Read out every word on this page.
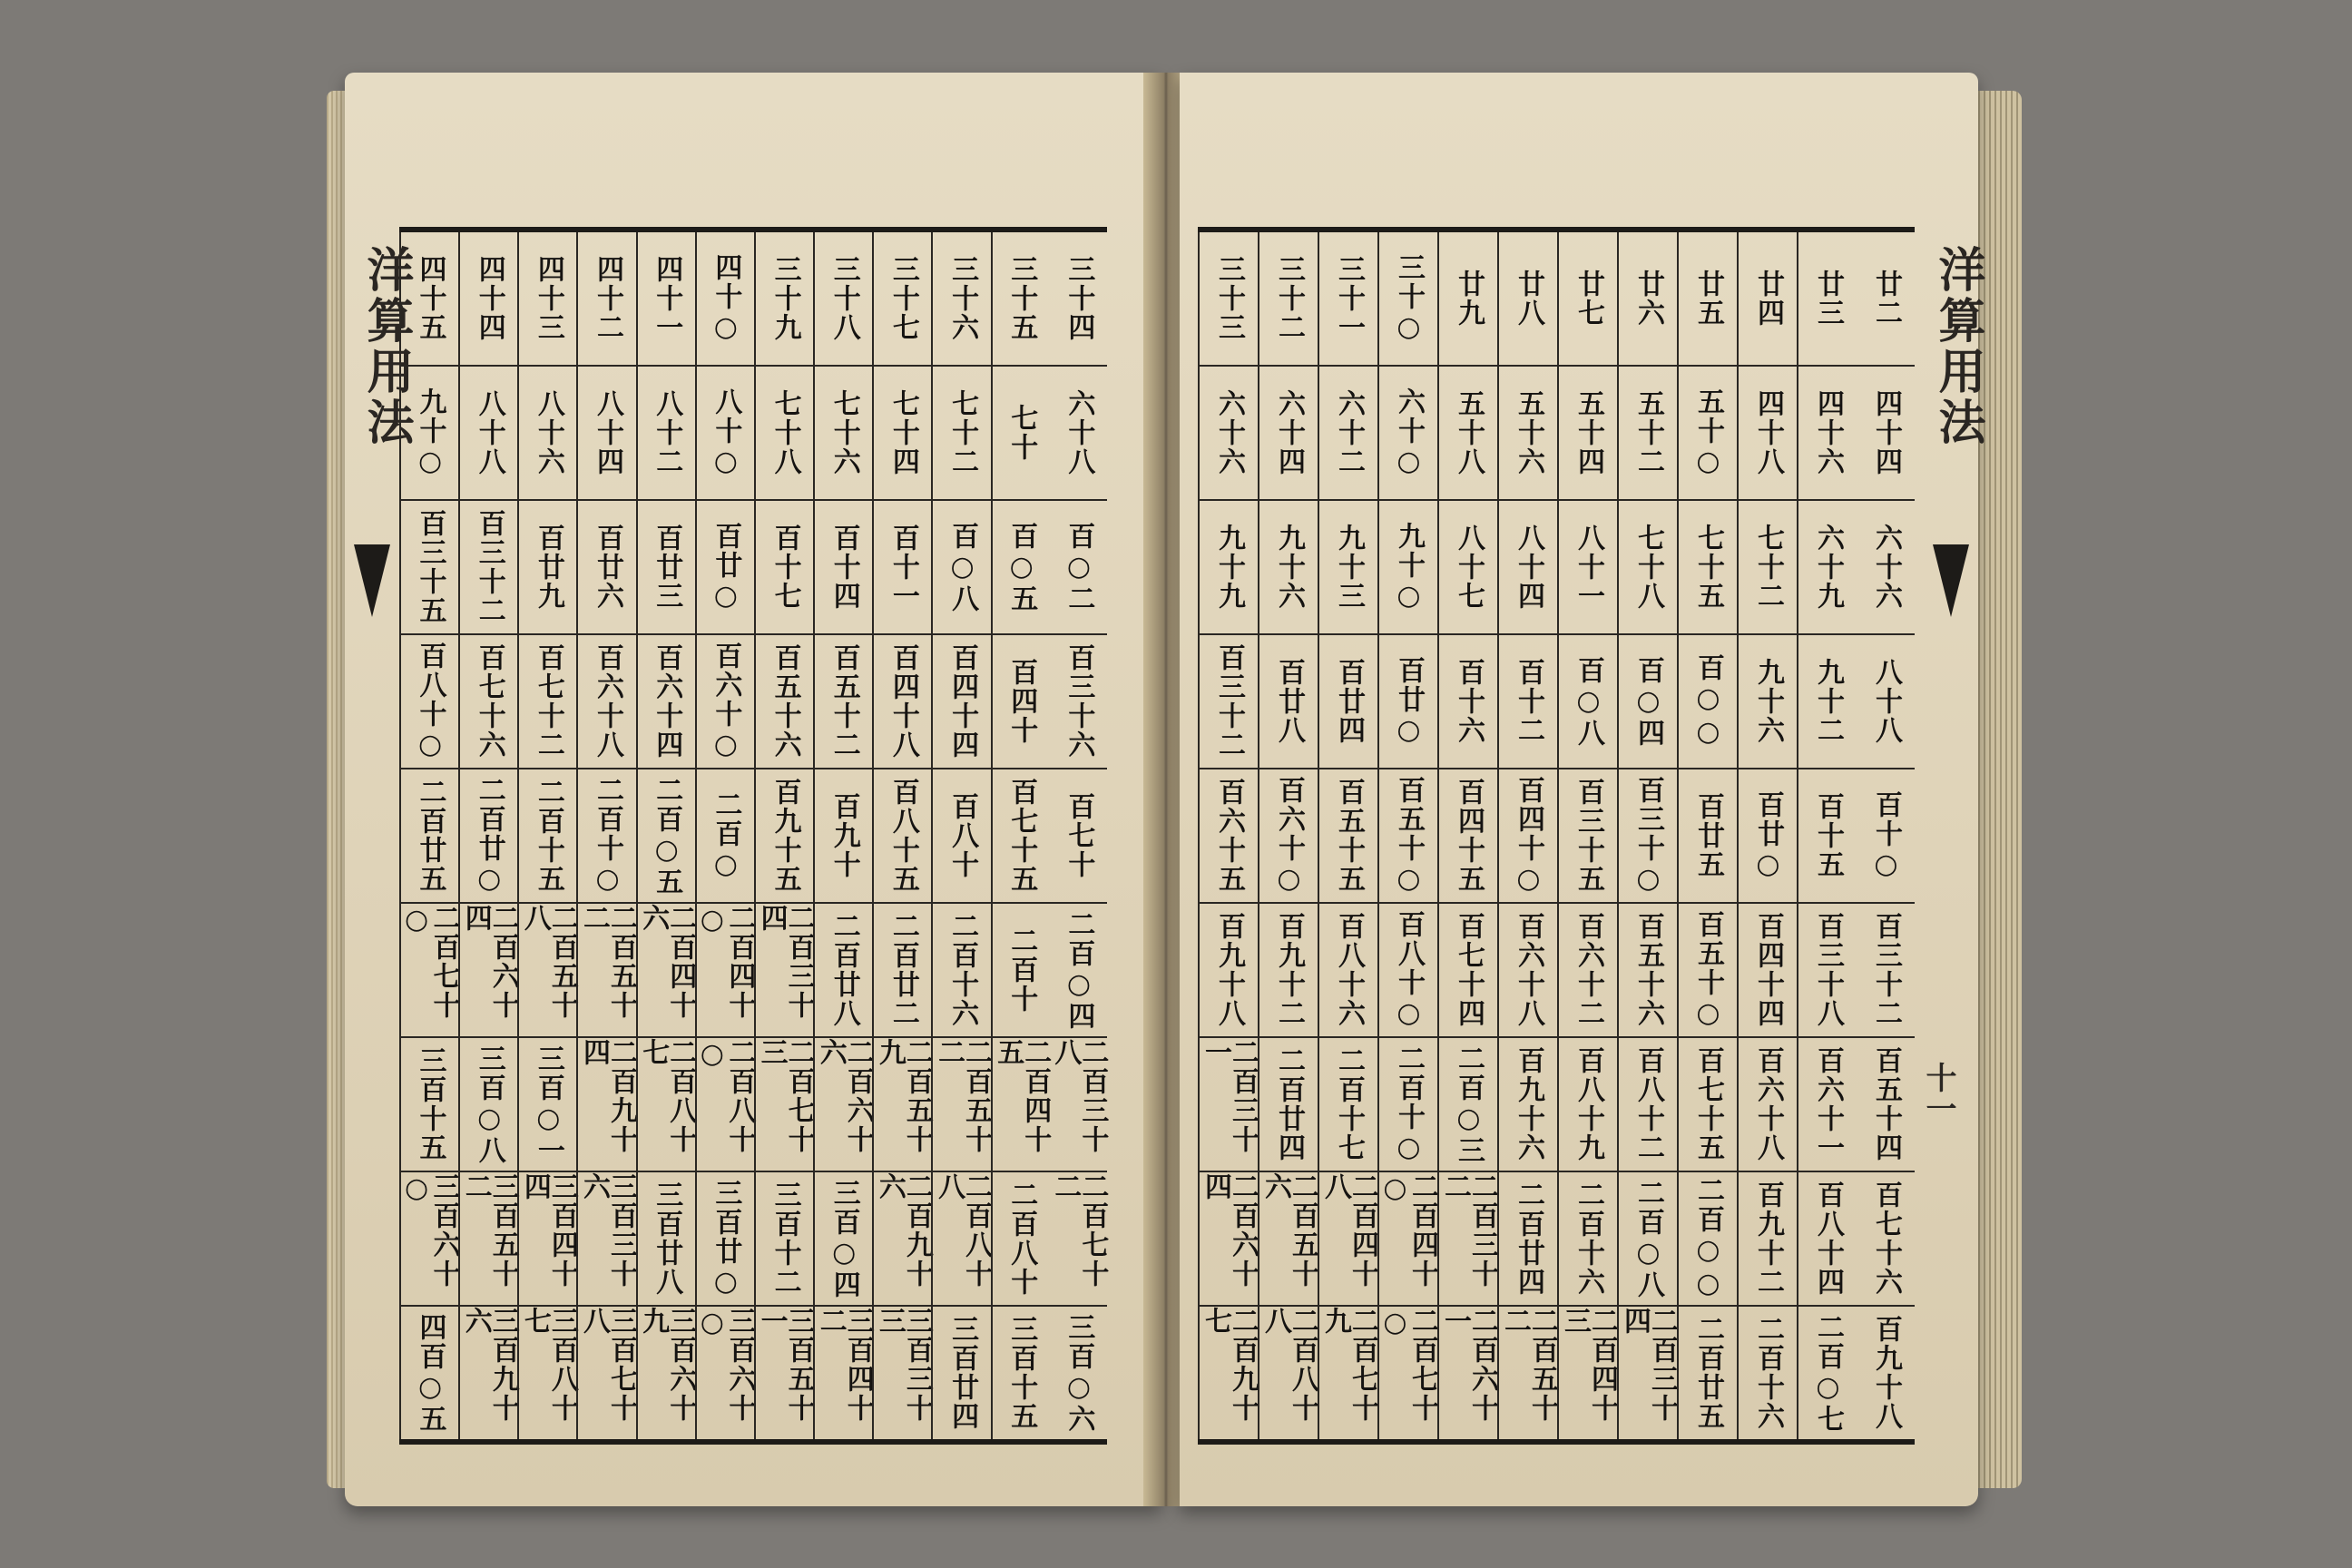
洋算用法	三十四
六十八
百○二
百三十六
百七十
二百○四
二百三十八
二百七十二
三百○六
三十五
七十
百○五
百四十
百七十五
二百十
二百四十五
二百八十
三百十五
三十六
七十二
百○八
百四十四
百八十
二百十六
二百五十二
二百八十八
三百廿四
三十七
七十四
百十一
百四十八
百八十五
二百廿二
二百五十九
二百九十六
三百三十三
三十八
七十六
百十四
百五十二
百九十
二百廿八
二百六十六
三百○四
三百四十二
三十九
七十八
百十七
百五十六
百九十五
二百三十四
二百七十三
三百十二
三百五十一
四十○
八十○
百廿○
百六十○
二百○
二百四十○
二百八十○
三百廿○
三百六十○
四十一
八十二
百廿三
百六十四
二百○五
二百四十六
二百八十七
三百廿八
三百六十九
四十二
八十四
百廿六
百六十八
二百十○
二百五十二
二百九十四
三百三十六
三百七十八
四十三
八十六
百廿九
百七十二
二百十五
二百五十八
三百○一
三百四十四
三百八十七
四十四
八十八
百三十二
百七十六
二百廿○
二百六十四
三百○八
三百五十二
三百九十六
四十五
九十○
百三十五
百八十○
二百廿五
二百七十○
三百十五
三百六十○
四百○五
洋算用法
十一
廿二
四十四
六十六
八十八
百十○
百三十二
百五十四
百七十六
百九十八
廿三
四十六
六十九
九十二
百十五
百三十八
百六十一
百八十四
二百○七
廿四
四十八
七十二
九十六
百廿○
百四十四
百六十八
百九十二
二百十六
廿五
五十○
七十五
百○○
百廿五
百五十○
百七十五
二百○○
二百廿五
廿六
五十二
七十八
百○四
百三十○
百五十六
百八十二
二百○八
二百三十四
廿七
五十四
八十一
百○八
百三十五
百六十二
百八十九
二百十六
二百四十三
廿八
五十六
八十四
百十二
百四十○
百六十八
百九十六
二百廿四
二百五十二
廿九
五十八
八十七
百十六
百四十五
百七十四
二百○三
二百三十二
二百六十一
三十○
六十○
九十○
百廿○
百五十○
百八十○
二百十○
二百四十○
二百七十○
三十一
六十二
九十三
百廿四
百五十五
百八十六
二百十七
二百四十八
二百七十九
三十二
六十四
九十六
百廿八
百六十○
百九十二
二百廿四
二百五十六
二百八十八
三十三
六十六
九十九
百三十二
百六十五
百九十八
二百三十一
二百六十四
二百九十七
